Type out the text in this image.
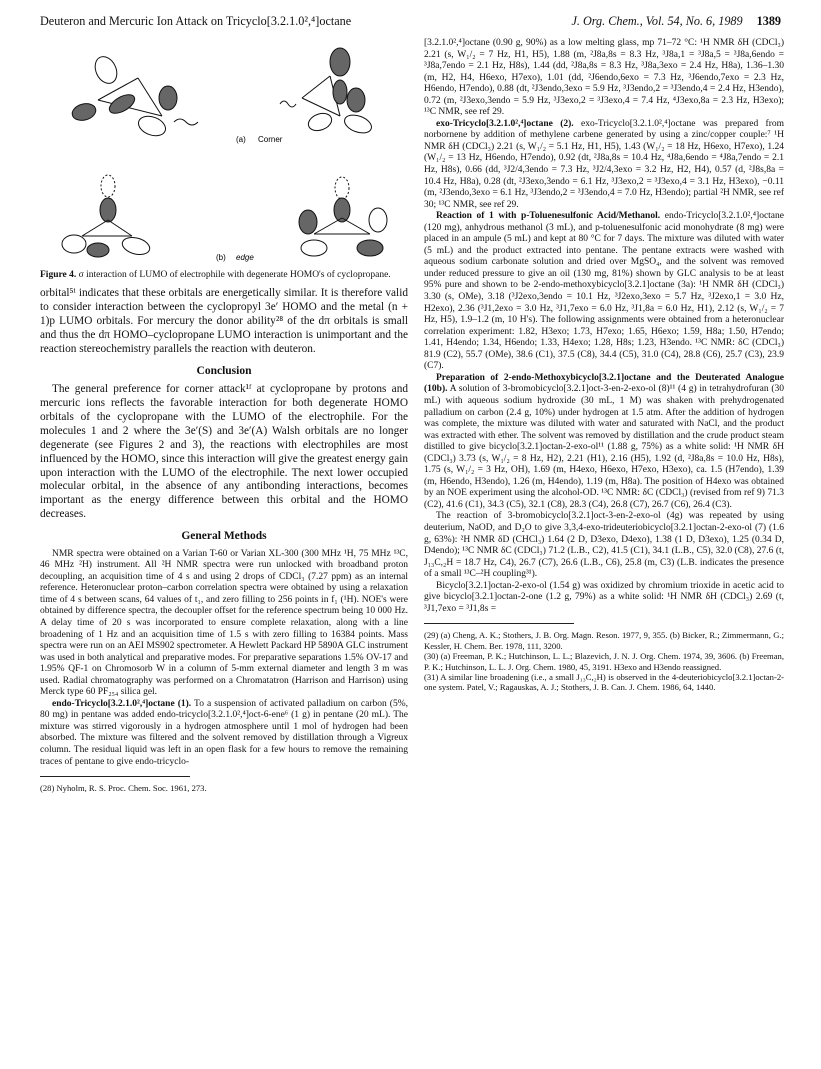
Deuteron and Mercuric Ion Attack on Tricyclo[3.2.1.0²,⁴]octane	J. Org. Chem., Vol. 54, No. 6, 1989 1389
(a) Corner
(b) edge
Figure 4. σ interaction of LUMO of electrophile with degenerate HOMO's of cyclopropane.

orbital⁵ⁱ indicates that these orbitals are energetically similar. It is therefore valid to consider interaction between the cyclopropyl 3e′ HOMO and the metal (n + 1)p LUMO orbitals. For mercury the donor ability²⁸ of the dπ orbitals is small and thus the dπ HOMO–cyclopropane LUMO interaction is unimportant and the reaction stereochemistry parallels the reaction with deuteron.

Conclusion

The general preference for corner attack¹ᶠ at cyclopropane by protons and mercuric ions reflects the favorable interaction for both degenerate HOMO orbitals of the cyclopropane with the LUMO of the electrophile. For the molecules 1 and 2 where the 3e′(S) and 3e′(A) Walsh orbitals are no longer degenerate (see Figures 2 and 3), the reactions with electrophiles are most influenced by the HOMO, since this interaction will give the greatest energy gain upon interaction with the LUMO of the electrophile. The next lower occupied molecular orbital, in the absence of any antibonding interactions, becomes important as the energy difference between this orbital and the HOMO decreases.

General Methods

NMR spectra were obtained on a Varian T-60 or Varian XL-300 (300 MHz ¹H, 75 MHz ¹³C, 46 MHz ²H) instrument. All ²H NMR spectra were run unlocked with broadband proton decoupling, an acquisition time of 4 s and using 2 drops of CDCl₃ (7.27 ppm) as an internal reference. Heteronuclear proton–carbon correlation spectra were obtained by using a relaxation time of 4 s between scans, 64 values of t₁, and zero filling to 256 points in f₁ (¹H). NOE's were obtained by difference spectra, the decoupler offset for the reference spectrum being 10 000 Hz. A delay time of 20 s was incorporated to ensure complete relaxation, along with a line broadening of 1 Hz and an acquisition time of 1.5 s with zero filling to 16384 points. Mass spectra were run on an AEI MS902 spectrometer. A Hewlett Packard HP 5890A GLC instrument was used in both analytical and preparative modes. For preparative separations 1.5% OV-17 and 1.95% QF-1 on Chromosorb W in a column of 5-mm external diameter and length 3 m was used. Radial chromatography was performed on a Chromatatron (Harrison and Harrison) using Merck type 60 PF₂₅₄ silica gel.

endo-Tricyclo[3.2.1.0²,⁴]octane (1). To a suspension of activated palladium on carbon (5%, 80 mg) in pentane was added endo-tricyclo[3.2.1.0²,⁴]oct-6-ene⁶ (1 g) in pentane (20 mL). The mixture was stirred vigorously in a hydrogen atmosphere until 1 mol of hydrogen had been absorbed. The mixture was filtered and the solvent removed by distillation through a Vigreux column. The residual liquid was left in an open flask for a few hours to remove the remaining traces of pentane to give endo-tricyclo-

(28) Nyholm, R. S. Proc. Chem. Soc. 1961, 273.

[3.2.1.0²,⁴]octane (0.90 g, 90%) as a low melting glass, mp 71–72 °C: ¹H NMR δH (CDCl₃) 2.21 (s, W₁/₂ = 7 Hz, H1, H5), 1.88 (m, ²J8a,8s = 8.3 Hz, ³J8a,1 = ³J8a,5 = ³J8a,6endo = ³J8a,7endo = 2.1 Hz, H8s), 1.44 (dd, ²J8a,8s = 8.3 Hz, ³J8a,3exo = 2.4 Hz, H8a), 1.36–1.30 (m, H2, H4, H6exo, H7exo), 1.01 (dd, ²J6endo,6exo = 7.3 Hz, ³J6endo,7exo = 2.3 Hz, H6endo, H7endo), 0.88 (dt, ²J3endo,3exo = 5.9 Hz, ³J3endo,2 = ³J3endo,4 = 2.4 Hz, H3endo), 0.72 (m, ²J3exo,3endo = 5.9 Hz, ³J3exo,2 = ³J3exo,4 = 7.4 Hz, ⁴J3exo,8a = 2.3 Hz, H3exo); ¹³C NMR, see ref 29.

exo-Tricyclo[3.2.1.0²,⁴]octane (2). exo-Tricyclo[3.2.1.0²,⁴]octane was prepared from norbornene by addition of methylene carbene generated by using a zinc/copper couple:⁷ ¹H NMR δH (CDCl₃) 2.21 (s, W₁/₂ = 5.1 Hz, H1, H5), 1.43 (W₁/₂ = 18 Hz, H6exo, H7exo), 1.24 (W₁/₂ = 13 Hz, H6endo, H7endo), 0.92 (dt, ²J8a,8s = 10.4 Hz, ⁴J8a,6endo = ⁴J8a,7endo = 2.1 Hz, H8s), 0.66 (dd, ³J2/4,3endo = 7.3 Hz, ³J2/4,3exo = 3.2 Hz, H2, H4), 0.57 (d, ²J8s,8a = 10.4 Hz, H8a), 0.28 (dt, ²J3exo,3endo = 6.1 Hz, ³J3exo,2 = ³J3exo,4 = 3.1 Hz, H3exo), −0.11 (m, ²J3endo,3exo = 6.1 Hz, ³J3endo,2 = ³J3endo,4 = 7.0 Hz, H3endo); partial ²H NMR, see ref 30; ¹³C NMR, see ref 29.

Reaction of 1 with p-Toluenesulfonic Acid/Methanol. endo-Tricyclo[3.2.1.0²,⁴]octane (120 mg), anhydrous methanol (3 mL), and p-toluenesulfonic acid monohydrate (8 mg) were placed in an ampule (5 mL) and kept at 80 °C for 7 days. The mixture was diluted with water (5 mL) and the product extracted into pentane. The pentane extracts were washed with aqueous sodium carbonate solution and dried over MgSO₄, and the solvent was removed under reduced pressure to give an oil (130 mg, 81%) shown by GLC analysis to be at least 95% pure and shown to be 2-endo-methoxybicyclo[3.2.1]octane (3a): ¹H NMR δH (CDCl₃) 3.30 (s, OMe), 3.18 (³J2exo,3endo = 10.1 Hz, ³J2exo,3exo = 5.7 Hz, ³J2exo,1 = 3.0 Hz, H2exo), 2.36 (³J1,2exo = 3.0 Hz, ³J1,7exo = 6.0 Hz, ³J1,8a = 6.0 Hz, H1), 2.12 (s, W₁/₂ = 7 Hz, H5), 1.9–1.2 (m, 10 H's). The following assignments were obtained from a heteronuclear correlation experiment: 1.82, H3exo; 1.73, H7exo; 1.65, H6exo; 1.59, H8a; 1.50, H7endo; 1.41, H4endo; 1.34, H6endo; 1.33, H4exo; 1.28, H8s; 1.23, H3endo. ¹³C NMR: δC (CDCl₃) 81.9 (C2), 55.7 (OMe), 38.6 (C1), 37.5 (C8), 34.4 (C5), 31.0 (C4), 28.8 (C6), 25.7 (C3), 23.9 (C7).

Preparation of 2-endo-Methoxybicyclo[3.2.1]octane and the Deuterated Analogue (10b). A solution of 3-bromobicyclo[3.2.1]oct-3-en-2-exo-ol (8)¹¹ (4 g) in tetrahydrofuran (30 mL) with aqueous sodium hydroxide (30 mL, 1 M) was shaken with prehydrogenated palladium on carbon (2.4 g, 10%) under hydrogen at 1.5 atm. After the addition of hydrogen was complete, the mixture was diluted with water and saturated with NaCl, and the product was extracted with ether. The solvent was removed by distillation and the crude product steam distilled to give bicyclo[3.2.1]octan-2-exo-ol¹¹ (1.88 g, 75%) as a white solid: ¹H NMR δH (CDCl₃) 3.73 (s, W₁/₂ = 8 Hz, H2), 2.21 (H1), 2.16 (H5), 1.92 (d, ²J8a,8s = 10.0 Hz, H8s), 1.75 (s, W₁/₂ = 3 Hz, OH), 1.69 (m, H4exo, H6exo, H7exo, H3exo), ca. 1.5 (H7endo), 1.39 (m, H6endo, H3endo), 1.26 (m, H4endo), 1.19 (m, H8a). The position of H4exo was obtained by an NOE experiment using the alcohol-OD. ¹³C NMR: δC (CDCl₃) (revised from ref 9) 71.3 (C2), 41.6 (C1), 34.3 (C5), 32.1 (C8), 28.3 (C4), 26.8 (C7), 26.7 (C6), 26.4 (C3).

The reaction of 3-bromobicyclo[3.2.1]oct-3-en-2-exo-ol (4g) was repeated by using deuterium, NaOD, and D₂O to give 3,3,4-exo-trideuteriobicyclo[3.2.1]octan-2-exo-ol (7) (1.6 g, 63%): ²H NMR δD (CHCl₃) 1.64 (2 D, D3exo, D4exo), 1.38 (1 D, D3exo), 1.25 (0.34 D, D4endo); ¹³C NMR δC (CDCl₃) 71.2 (L.B., C2), 41.5 (C1), 34.1 (L.B., C5), 32.0 (C8), 27.6 (t, J₁₃C,₂H = 18.7 Hz, C4), 26.7 (C7), 26.6 (L.B., C6), 25.8 (m, C3) (L.B. indicates the presence of a small ¹³C–²H coupling³¹).

Bicyclo[3.2.1]octan-2-exo-ol (1.54 g) was oxidized by chromium trioxide in acetic acid to give bicyclo[3.2.1]octan-2-one (1.2 g, 79%) as a white solid: ¹H NMR δH (CDCl₃) 2.69 (t, ³J1,7exo = ³J1,8s =

(29) (a) Cheng, A. K.; Stothers, J. B. Org. Magn. Reson. 1977, 9, 355. (b) Bicker, R.; Zimmermann, G.; Kessler, H. Chem. Ber. 1978, 111, 3200.

(30) (a) Freeman, P. K.; Hutchinson, L. L.; Blazevich, J. N. J. Org. Chem. 1974, 39, 3606. (b) Freeman, P. K.; Hutchinson, L. L. J. Org. Chem. 1980, 45, 3191. H3exo and H3endo reassigned.

(31) A similar line broadening (i.e., a small J₁₃C,₂H) is observed in the 4-deuteriobicyclo[3.2.1]octan-2-one system. Patel, V.; Ragauskas, A. J.; Stothers, J. B. Can. J. Chem. 1986, 64, 1440.
